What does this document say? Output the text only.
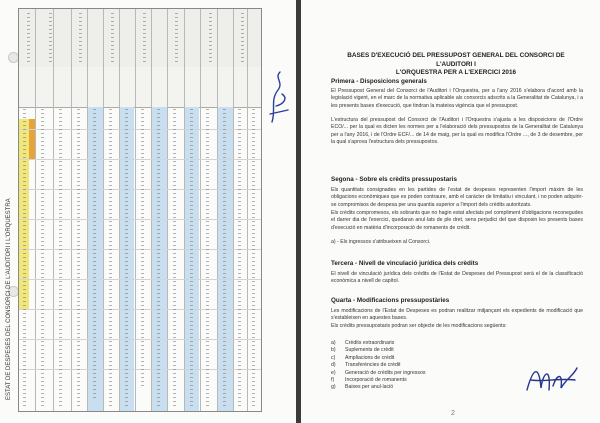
ESTAT DE DESPESES DEL CONSORCI DE L'AUDITORI I L'ORQUESTRA
BASES D'EXECUCIÓ DEL PRESSUPOST GENERAL DEL CONSORCI DE L'AUDITORI I
L'ORQUESTRA PER A L'EXERCICI 2016
Primera - Disposicions generals

El Pressupost General del Consorci de l'Auditori i l'Orquestra, per a l'any 2016 s'elabora d'acord amb la legislació vigent, en el marc de la normativa aplicable als consorcis adscrits a la Generalitat de Catalunya, i a les presents bases d'execució, que tindran la mateixa vigència que el pressupost.

L'estructura del pressupost del Consorci de l'Auditori i l'Orquestra s'ajusta a les disposicions de l'Ordre ECO/... per la qual es dicten les normes per a l'elaboració dels pressupostos de la Generalitat de Catalunya per a l'any 2016, i de l'Ordre ECF/... de 14 de maig, per la qual es modifica l'Ordre ..., de 3 de desembre, per la qual s'aprova l'estructura dels pressupostos.

Segona - Sobre els crèdits pressupostaris

Els quantitats consignades en les partides de l'estat de despeses representen l'import màxim de les obligacions econòmiques que es poden contraure, amb el caràcter de limitatiu i vinculant, i no poden adquirir-se compromisos de despesa per una quantia superior a l'import dels crèdits autoritzats.

Els crèdits compromesos, els sobrants que no hagin estat afectats pel compliment d'obligacions reconegudes el darrer dia de l'exercici, quedaran anul·lats de ple dret, sens perjudici del que disposin les presents bases d'execució en matèria d'incorporació de romanents de crèdit.

a) - Els ingressos s'atribueixen al Consorci.

Tercera - Nivell de vinculació jurídica dels crèdits

El nivell de vinculació jurídica dels crèdits de l'Estat de Despeses del Pressupost serà el de la classificació econòmica a nivell de capítol.

Quarta - Modificacions pressupostàries

Les modificacions de l'Estat de Despeses es podran realitzar mitjançant els expedients de modificació que s'estableixen en aquestes bases.

Els crèdits pressupostaris podran ser objecte de les modificacions següents:

a) Crèdits extraordinaris
b) Suplements de crèdit
c) Ampliacions de crèdit
d) Transferències de crèdit
e) Generació de crèdits per ingressos
f) Incorporació de romanents
g) Baixes per anul·lació
2
